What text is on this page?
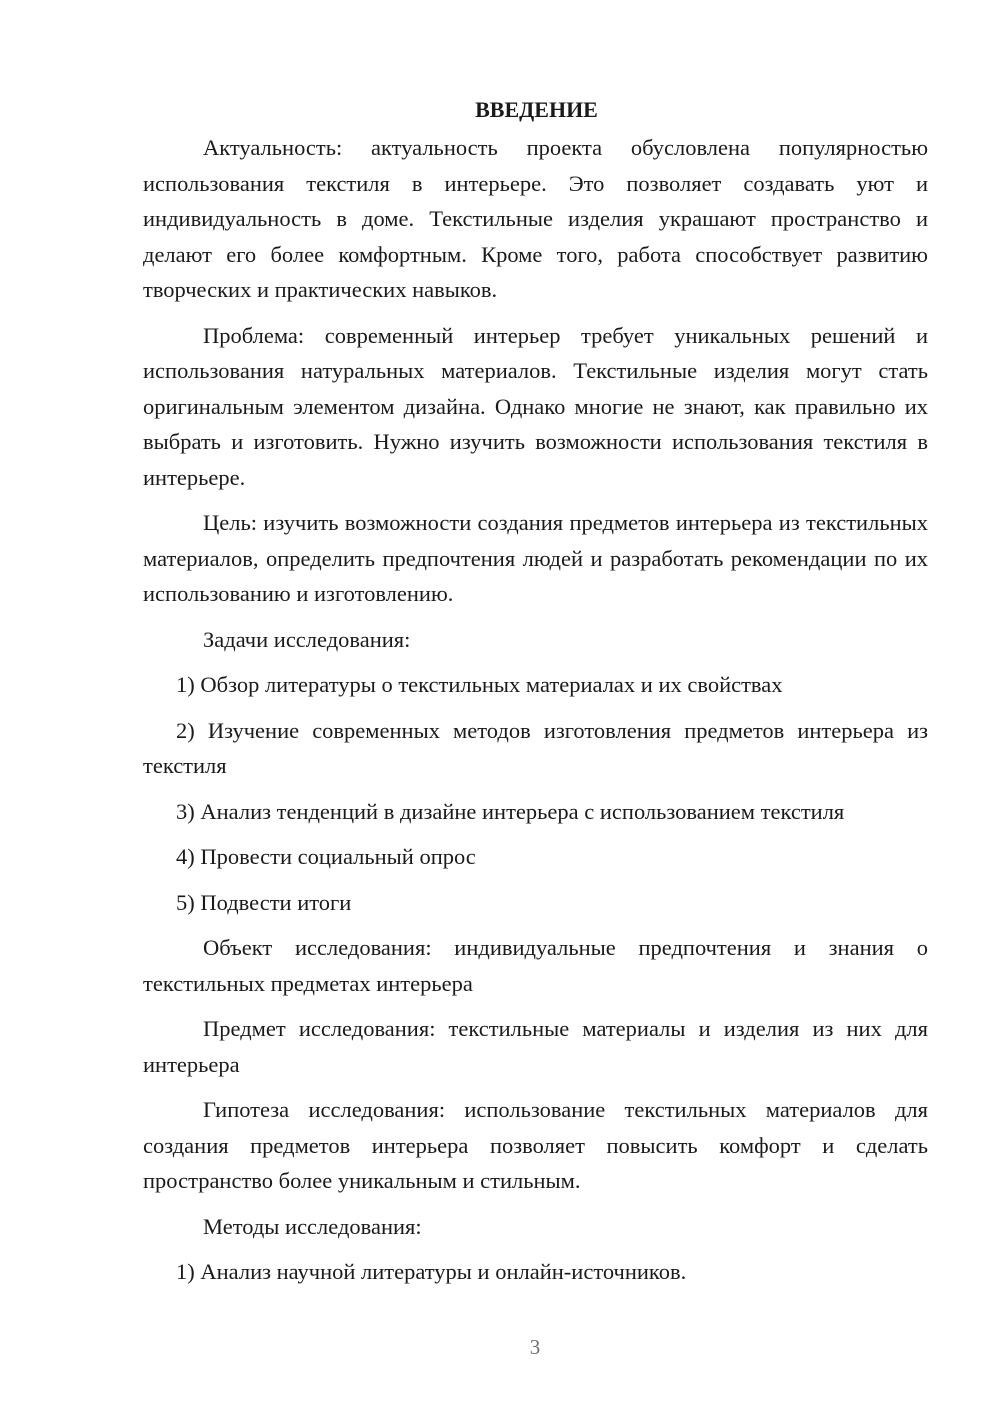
ВВЕДЕНИЕ

Актуальность: актуальность проекта обусловлена популярностью использования текстиля в интерьере. Это позволяет создавать уют и индивидуальность в доме. Текстильные изделия украшают пространство и делают его более комфортным. Кроме того, работа способствует развитию творческих и практических навыков.

Проблема: современный интерьер требует уникальных решений и использования натуральных материалов. Текстильные изделия могут стать оригинальным элементом дизайна. Однако многие не знают, как правильно их выбрать и изготовить. Нужно изучить возможности использования текстиля в интерьере.

Цель: изучить возможности создания предметов интерьера из текстильных материалов, определить предпочтения людей и разработать рекомендации по их использованию и изготовлению.

Задачи исследования:

1) Обзор литературы о текстильных материалах и их свойствах

2) Изучение современных методов изготовления предметов интерьера из текстиля

3) Анализ тенденций в дизайне интерьера с использованием текстиля

4) Провести социальный опрос

5) Подвести итоги

Объект исследования: индивидуальные предпочтения и знания о текстильных предметах интерьера

Предмет исследования: текстильные материалы и изделия из них для интерьера

Гипотеза исследования: использование текстильных материалов для создания предметов интерьера позволяет повысить комфорт и сделать пространство более уникальным и стильным.

Методы исследования:

1) Анализ научной литературы и онлайн-источников.

3
